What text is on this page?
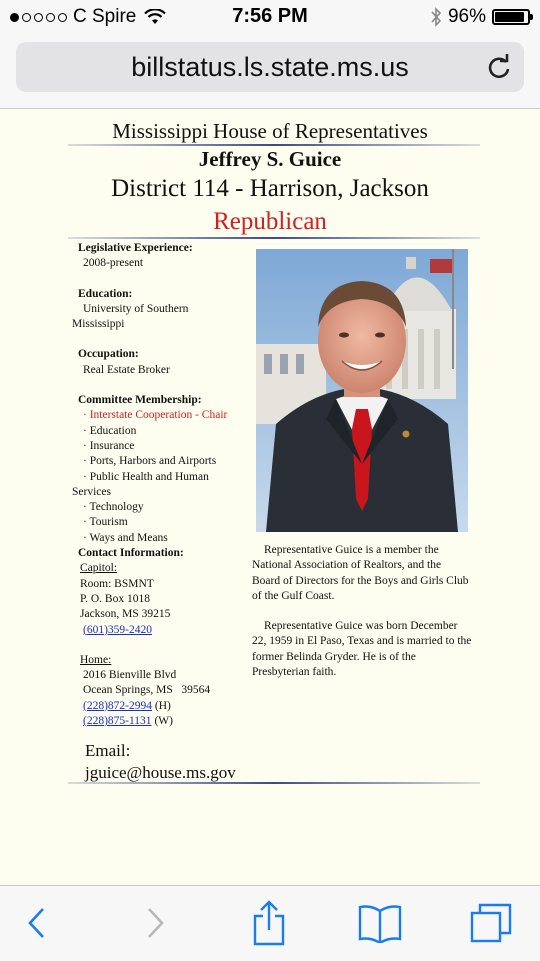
C Spire	7:56 PM	96%
billstatus.ls.state.ms.us
Mississippi House of Representatives
Jeffrey S. Guice
District 114 - Harrison, Jackson
Republican
Legislative Experience:
2008-present
Education:
University of Southern
Mississippi
Occupation:
Real Estate Broker
Committee Membership:
· Interstate Cooperation - Chair
· Education
· Insurance
· Ports, Harbors and Airports
· Public Health and Human
Services
· Technology
· Tourism
· Ways and Means
Contact Information:
Capitol:
Room: BSMNT
P. O. Box 1018
Jackson, MS 39215
(601)359-2420
Home:
2016 Bienville Blvd
Ocean Springs, MS   39564
(228)872-2994 (H)
(228)875-1131 (W)
Email:
jguice@house.ms.gov

Representative Guice is a member the National Association of Realtors, and the Board of Directors for the Boys and Girls Club of the Gulf Coast.

Representative Guice was born December 22, 1959 in El Paso, Texas and is married to the former Belinda Gryder. He is of the Presbyterian faith.
